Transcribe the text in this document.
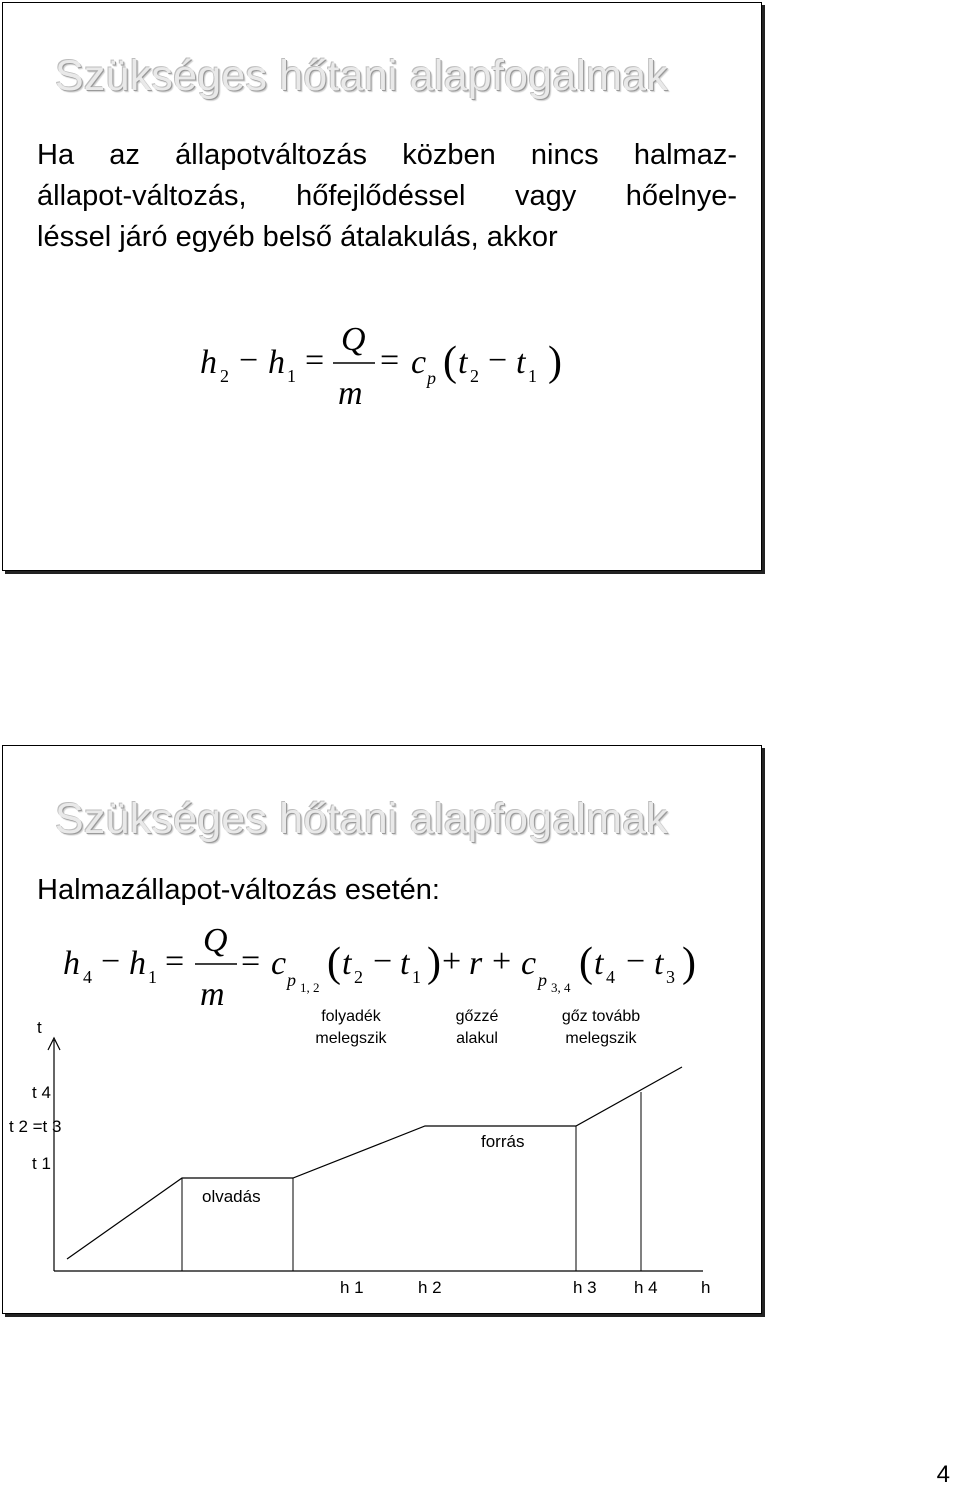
Szükséges hőtani alapfogalmak
Ha az állapotváltozás közben nincs halmaz-
állapot-változás, hőfejlődéssel vagy hőelnye-
léssel járó egyéb belső átalakulás, akkor
h 2 − h 1 =
Q
m
= c p ( t 2 − t 1 )
Szükséges hőtani alapfogalmak

Halmazállapot-változás esetén:

h 4 − h 1 =
Q
m
= c p 1, 2
( t 2 − t 1 ) + r + c p 3, 4
( t 4 − t 3 )
folyadék
melegszik
gőzzé
alakul
gőz tovább
melegszik
t
t 4
t 2 =t 3
t 1
olvadás
forrás
h 1	h 2	h 3 h 4	h
4
